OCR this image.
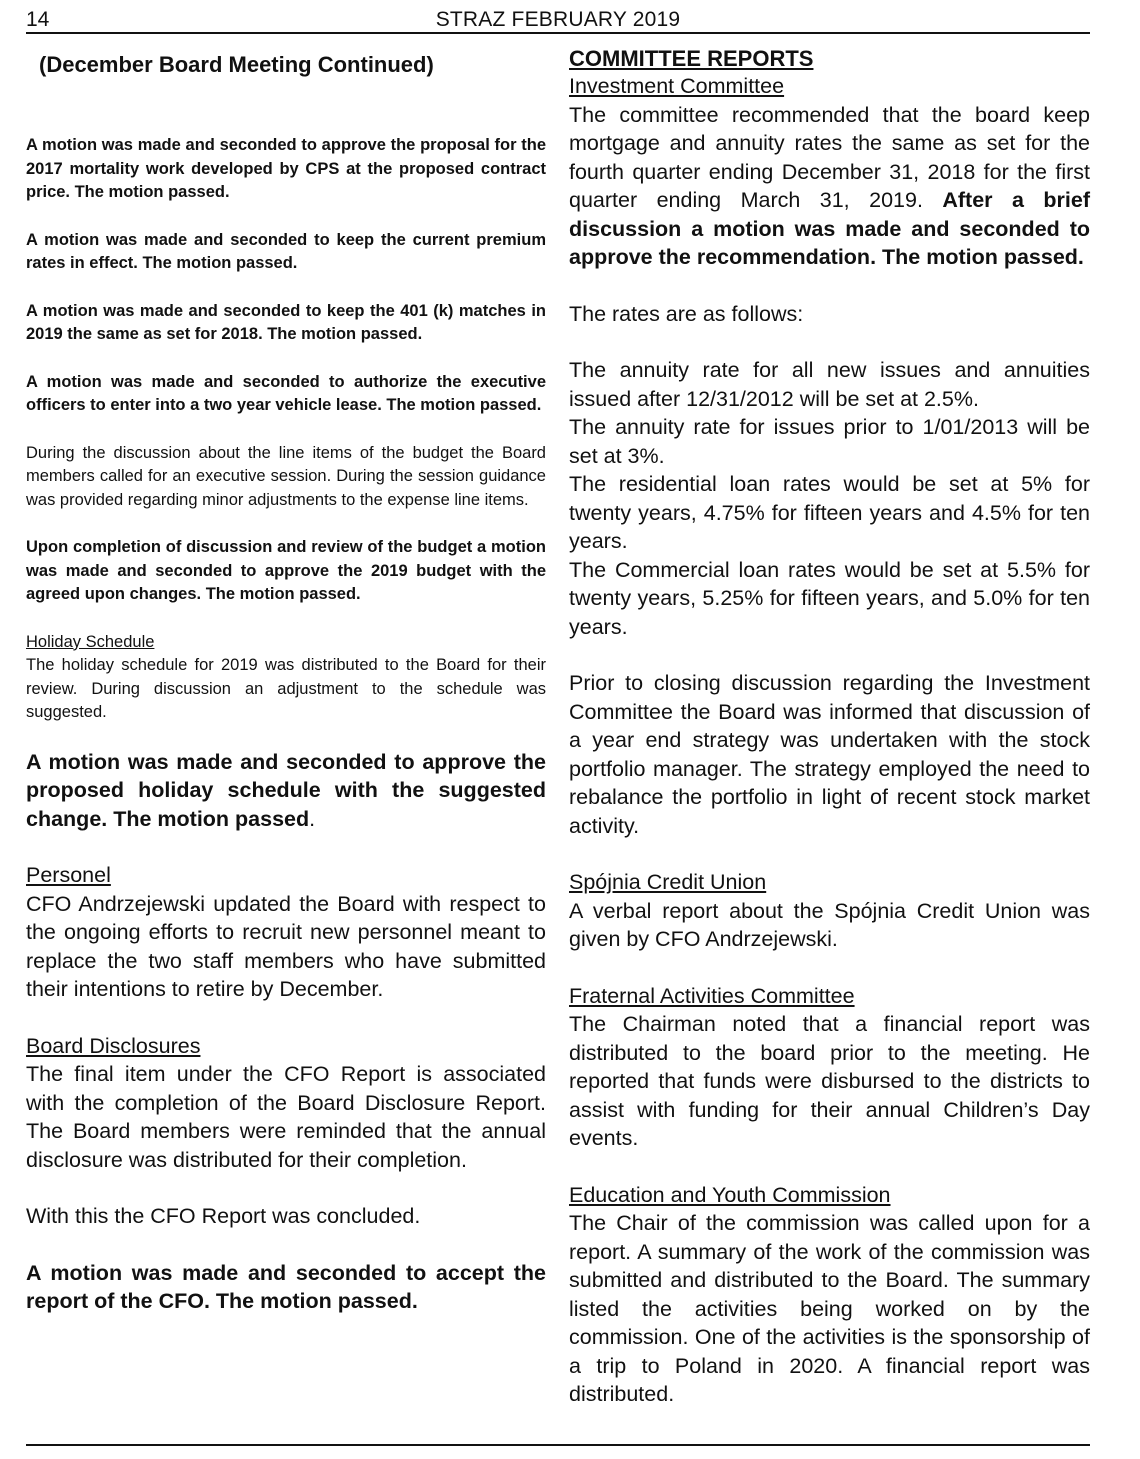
14	STRAZ FEBRUARY 2019

(December Board Meeting Continued)

A motion was made and seconded to approve the proposal for the 2017 mortality work developed by CPS at the proposed contract price. The motion passed.

A motion was made and seconded to keep the current premium rates in effect. The motion passed.

A motion was made and seconded to keep the 401 (k) matches in 2019 the same as set for 2018. The motion passed.

A motion was made and seconded to authorize the executive officers to enter into a two year vehicle lease. The motion passed.

During the discussion about the line items of the budget the Board members called for an executive session. During the session guidance was provided regarding minor adjustments to the expense line items.

Upon completion of discussion and review of the budget a motion was made and seconded to approve the 2019 budget with the agreed upon changes. The motion passed.

Holiday Schedule

The holiday schedule for 2019 was distributed to the Board for their review. During discussion an adjustment to the schedule was suggested.

A motion was made and seconded to approve the proposed holiday schedule with the suggested change. The motion passed.

Personel

CFO Andrzejewski updated the Board with respect to the ongoing efforts to recruit new personnel meant to replace the two staff members who have submitted their intentions to retire by December.

Board Disclosures

The final item under the CFO Report is associated with the completion of the Board Disclosure Report. The Board members were reminded that the annual disclosure was distributed for their completion.

With this the CFO Report was concluded.

A motion was made and seconded to accept the report of the CFO. The motion passed.

COMMITTEE REPORTS

Investment Committee

The committee recommended that the board keep mortgage and annuity rates the same as set for the fourth quarter ending December 31, 2018 for the first quarter ending March 31, 2019. After a brief discussion a motion was made and seconded to approve the recommendation. The motion passed.

The rates are as follows:

The annuity rate for all new issues and annuities issued after 12/31/2012 will be set at 2.5%.

The annuity rate for issues prior to 1/01/2013 will be set at 3%.

The residential loan rates would be set at 5% for twenty years, 4.75% for fifteen years and 4.5% for ten years.

The Commercial loan rates would be set at 5.5% for twenty years, 5.25% for fifteen years, and 5.0% for ten years.

Prior to closing discussion regarding the Investment Committee the Board was informed that discussion of a year end strategy was undertaken with the stock portfolio manager. The strategy employed the need to rebalance the portfolio in light of recent stock market activity.

Spójnia Credit Union

A verbal report about the Spójnia Credit Union was given by CFO Andrzejewski.

Fraternal Activities Committee

The Chairman noted that a financial report was distributed to the board prior to the meeting. He reported that funds were disbursed to the districts to assist with funding for their annual Children’s Day events.

Education and Youth Commission

The Chair of the commission was called upon for a report. A summary of the work of the commission was submitted and distributed to the Board. The summary listed the activities being worked on by the commission. One of the activities is the sponsorship of a trip to Poland in 2020. A financial report was distributed.
